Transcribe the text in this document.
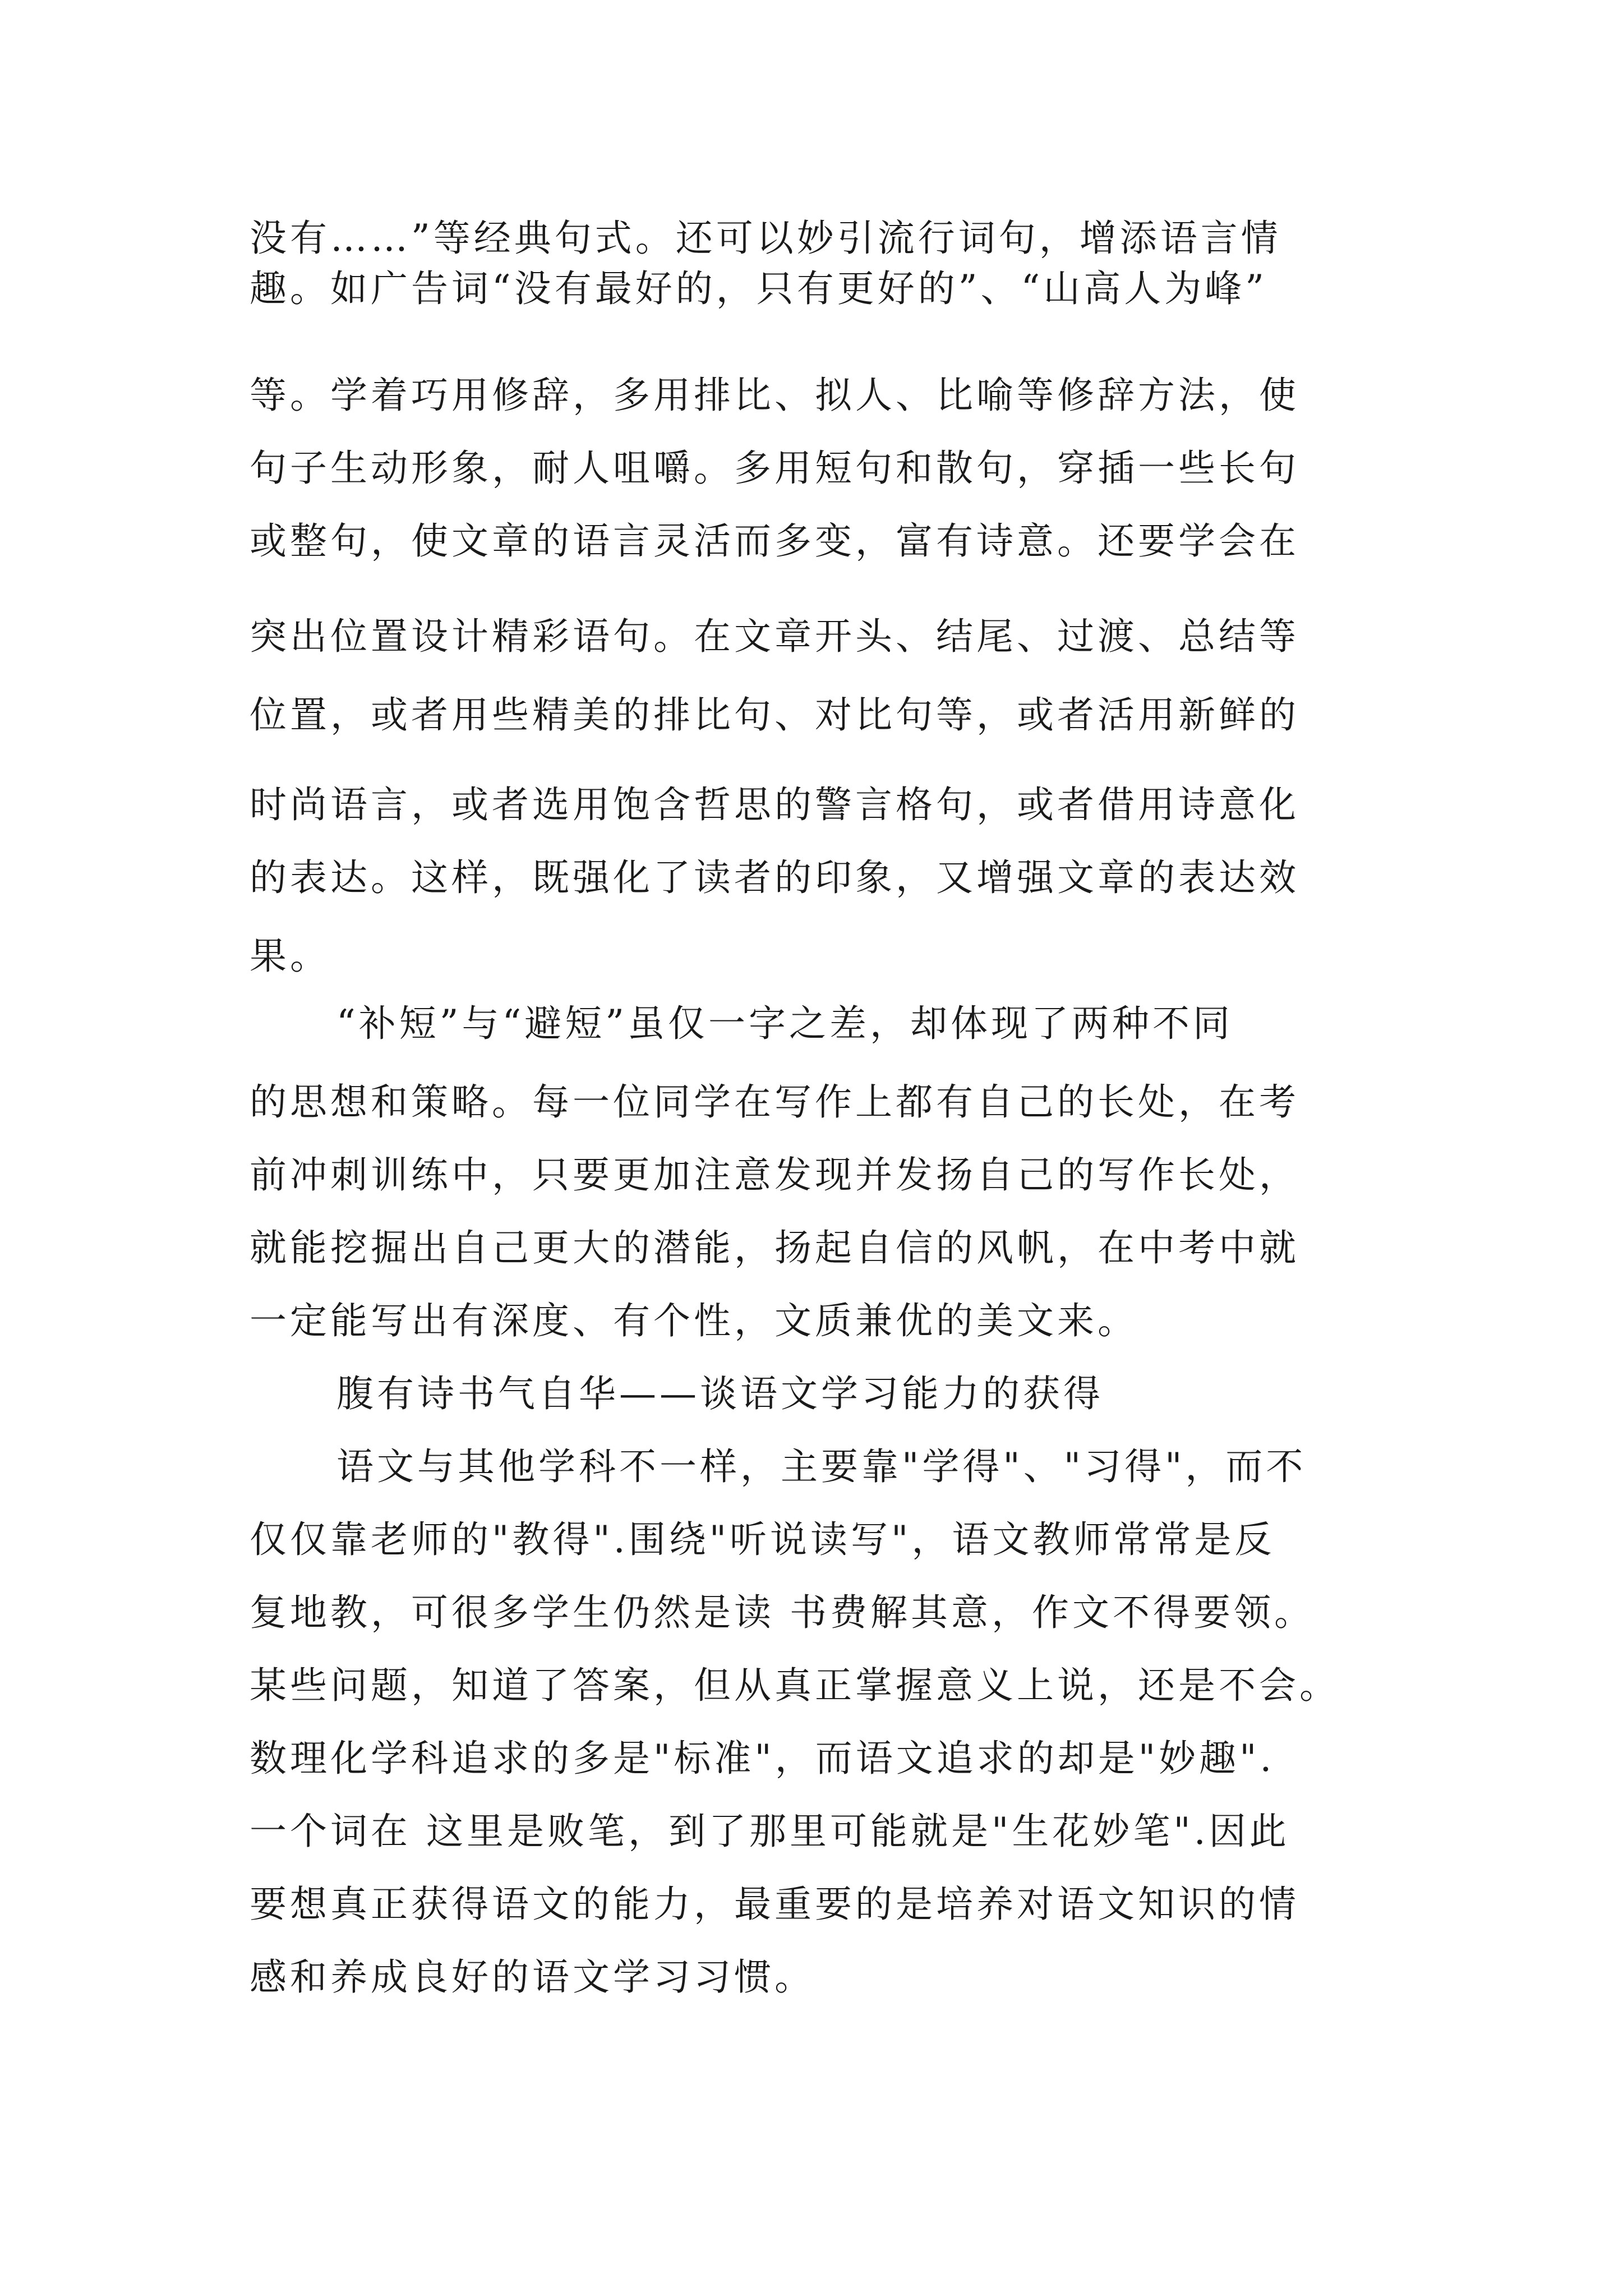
没有……”等经典句式。还可以妙引流行词句，增添语言情
趣。如广告词“没有最好的，只有更好的”、“山高人为峰”
等。学着巧用修辞，多用排比、拟人、比喻等修辞方法，使
句子生动形象，耐人咀嚼。多用短句和散句，穿插一些长句
或整句，使文章的语言灵活而多变，富有诗意。还要学会在
突出位置设计精彩语句。在文章开头、结尾、过渡、总结等
位置，或者用些精美的排比句、对比句等，或者活用新鲜的
时尚语言，或者选用饱含哲思的警言格句，或者借用诗意化
的表达。这样，既强化了读者的印象，又增强文章的表达效
果。
“补短”与“避短”虽仅一字之差，却体现了两种不同
的思想和策略。每一位同学在写作上都有自己的长处，在考
前冲刺训练中，只要更加注意发现并发扬自己的写作长处，
就能挖掘出自己更大的潜能，扬起自信的风帆，在中考中就
一定能写出有深度、有个性，文质兼优的美文来。
腹有诗书气自华——谈语文学习能力的获得
语文与其他学科不一样，主要靠"学得"、"习得"，而不
仅仅靠老师的"教得".围绕"听说读写"，语文教师常常是反
复地教，可很多学生仍然是读 书费解其意，作文不得要领。
某些问题，知道了答案，但从真正掌握意义上说，还是不会。
数理化学科追求的多是"标准"，而语文追求的却是"妙趣".
一个词在 这里是败笔，到了那里可能就是"生花妙笔".因此
要想真正获得语文的能力，最重要的是培养对语文知识的情
感和养成良好的语文学习习惯。
